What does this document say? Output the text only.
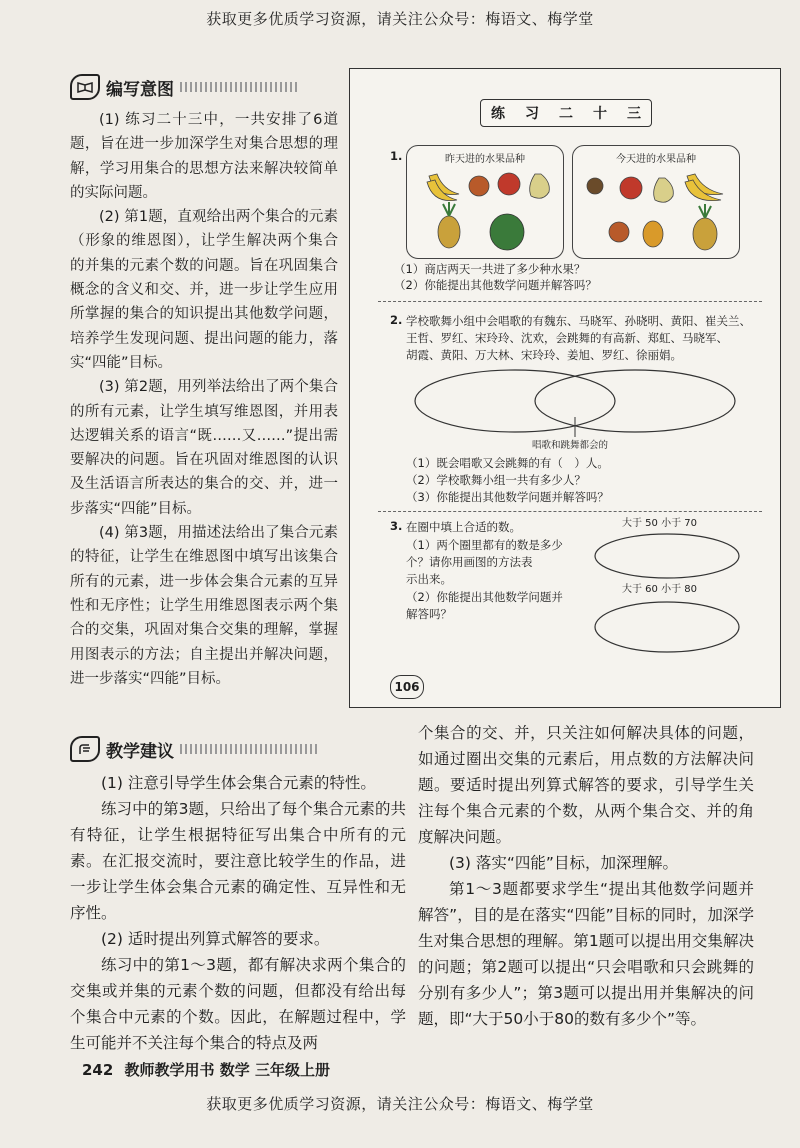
获取更多优质学习资源，请关注公众号：梅语文、梅学堂
编写意图

(1) 练习二十三中，一共安排了6道题，旨在进一步加深学生对集合思想的理解，学习用集合的思想方法来解决较简单的实际问题。

(2) 第1题，直观给出两个集合的元素（形象的维恩图），让学生解决两个集合的并集的元素个数的问题。旨在巩固集合概念的含义和交、并，进一步让学生应用所掌握的集合的知识提出其他数学问题，培养学生发现问题、提出问题的能力，落实“四能”目标。

(3) 第2题，用列举法给出了两个集合的所有元素，让学生填写维恩图，并用表达逻辑关系的语言“既……又……”提出需要解决的问题。旨在巩固对维恩图的认识及生活语言所表达的集合的交、并，进一步落实“四能”目标。

(4) 第3题，用描述法给出了集合元素的特征，让学生在维恩图中填写出该集合所有的元素，进一步体会集合元素的互异性和无序性；让学生用维恩图表示两个集合的交集，巩固对集合交集的理解，掌握用图表示的方法；自主提出并解决问题，进一步落实“四能”目标。

练 习 二 十 三
1.	昨天进的水果品种	今天进的水果品种
（1）商店两天一共进了多少种水果？
（2）你能提出其他数学问题并解答吗？
2. 学校歌舞小组中会唱歌的有魏东、马晓军、孙晓明、黄阳、崔关兰、
王哲、罗红、宋玲玲、沈欢，会跳舞的有高新、郑虹、马晓军、
胡霞、黄阳、万大林、宋玲玲、姜旭、罗红、徐丽娟。
唱歌和跳舞都会的
（1）既会唱歌又会跳舞的有（　）人。
（2）学校歌舞小组一共有多少人？
（3）你能提出其他数学问题并解答吗？
3. 在圈中填上合适的数。
（1）两个圈里都有的数是多少
个？请你用画图的方法表
示出来。
（2）你能提出其他数学问题并
解答吗？
大于 50 小于 70
大于 60 小于 80
106
教学建议

(1) 注意引导学生体会集合元素的特性。

练习中的第3题，只给出了每个集合元素的共有特征，让学生根据特征写出集合中所有的元素。在汇报交流时，要注意比较学生的作品，进一步让学生体会集合元素的确定性、互异性和无序性。

(2) 适时提出列算式解答的要求。

练习中的第1～3题，都有解决求两个集合的交集或并集的元素个数的问题，但都没有给出每个集合中元素的个数。因此，在解题过程中，学生可能并不关注每个集合的特点及两

个集合的交、并，只关注如何解决具体的问题，如通过圈出交集的元素后，用点数的方法解决问题。要适时提出列算式解答的要求，引导学生关注每个集合元素的个数，从两个集合交、并的角度解决问题。

(3) 落实“四能”目标，加深理解。

第1～3题都要求学生“提出其他数学问题并解答”，目的是在落实“四能”目标的同时，加深学生对集合思想的理解。第1题可以提出用交集解决的问题；第2题可以提出“只会唱歌和只会跳舞的分别有多少人”；第3题可以提出用并集解决的问题，即“大于50小于80的数有多少个”等。

242 教师教学用书 数学 三年级上册
获取更多优质学习资源，请关注公众号：梅语文、梅学堂
